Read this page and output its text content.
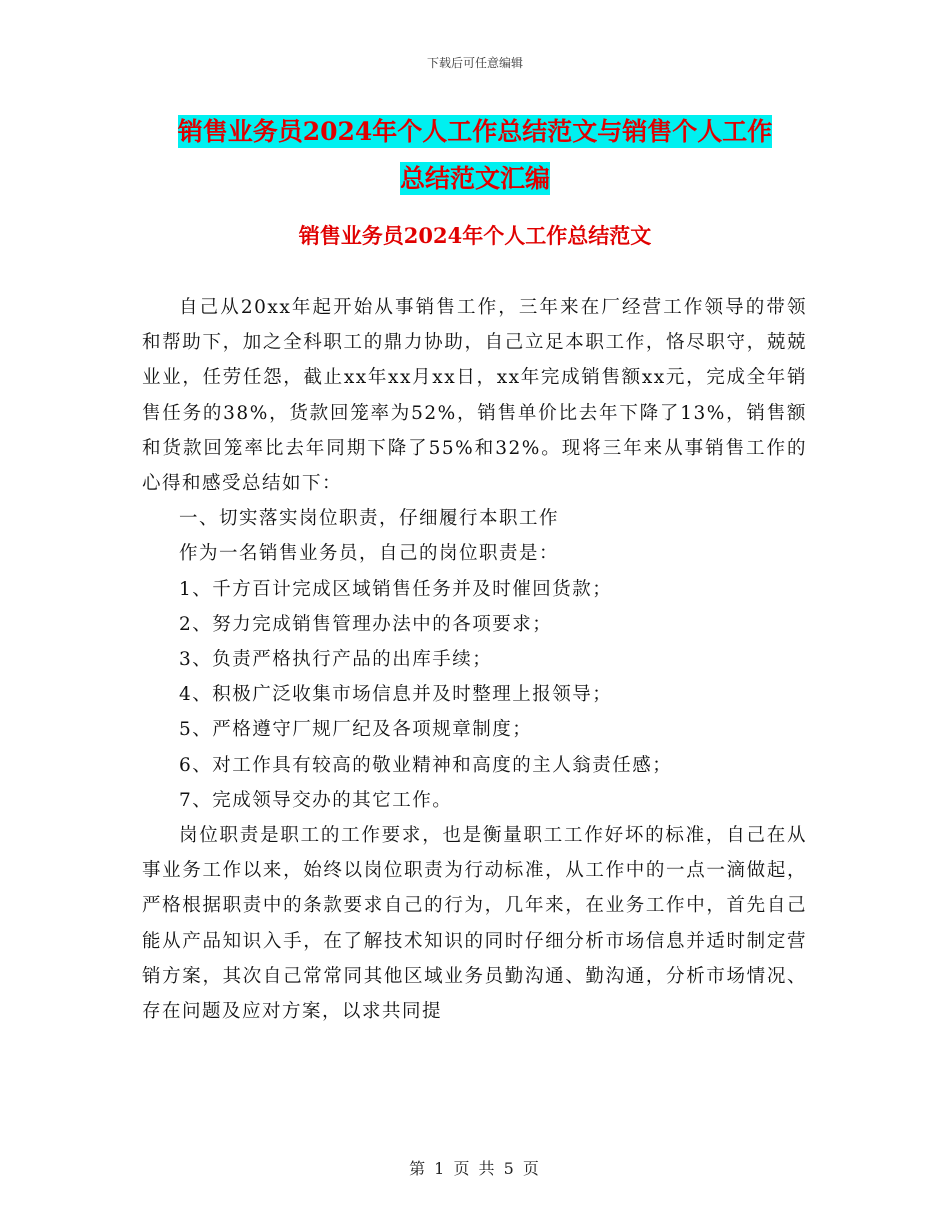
下载后可任意编辑
销售业务员2024年个人工作总结范文与销售个人工作
总结范文汇编
销售业务员2024年个人工作总结范文

自己从20xx年起开始从事销售工作，三年来在厂经营工作领导的带领和帮助下，加之全科职工的鼎力协助，自己立足本职工作，恪尽职守，兢兢业业，任劳任怨，截止xx年xx月xx日，xx年完成销售额xx元，完成全年销售任务的38%，货款回笼率为52%，销售单价比去年下降了13%，销售额和货款回笼率比去年同期下降了55%和32%。现将三年来从事销售工作的心得和感受总结如下：

一、切实落实岗位职责，仔细履行本职工作

作为一名销售业务员，自己的岗位职责是：

1、千方百计完成区域销售任务并及时催回货款；

2、努力完成销售管理办法中的各项要求；

3、负责严格执行产品的出库手续；

4、积极广泛收集市场信息并及时整理上报领导；

5、严格遵守厂规厂纪及各项规章制度；

6、对工作具有较高的敬业精神和高度的主人翁责任感；

7、完成领导交办的其它工作。

岗位职责是职工的工作要求，也是衡量职工工作好坏的标准，自己在从事业务工作以来，始终以岗位职责为行动标准，从工作中的一点一滴做起，严格根据职责中的条款要求自己的行为，几年来，在业务工作中，首先自己能从产品知识入手，在了解技术知识的同时仔细分析市场信息并适时制定营销方案，其次自己常常同其他区域业务员勤沟通、勤沟通，分析市场情况、存在问题及应对方案，以求共同提

第 1 页 共 5 页
